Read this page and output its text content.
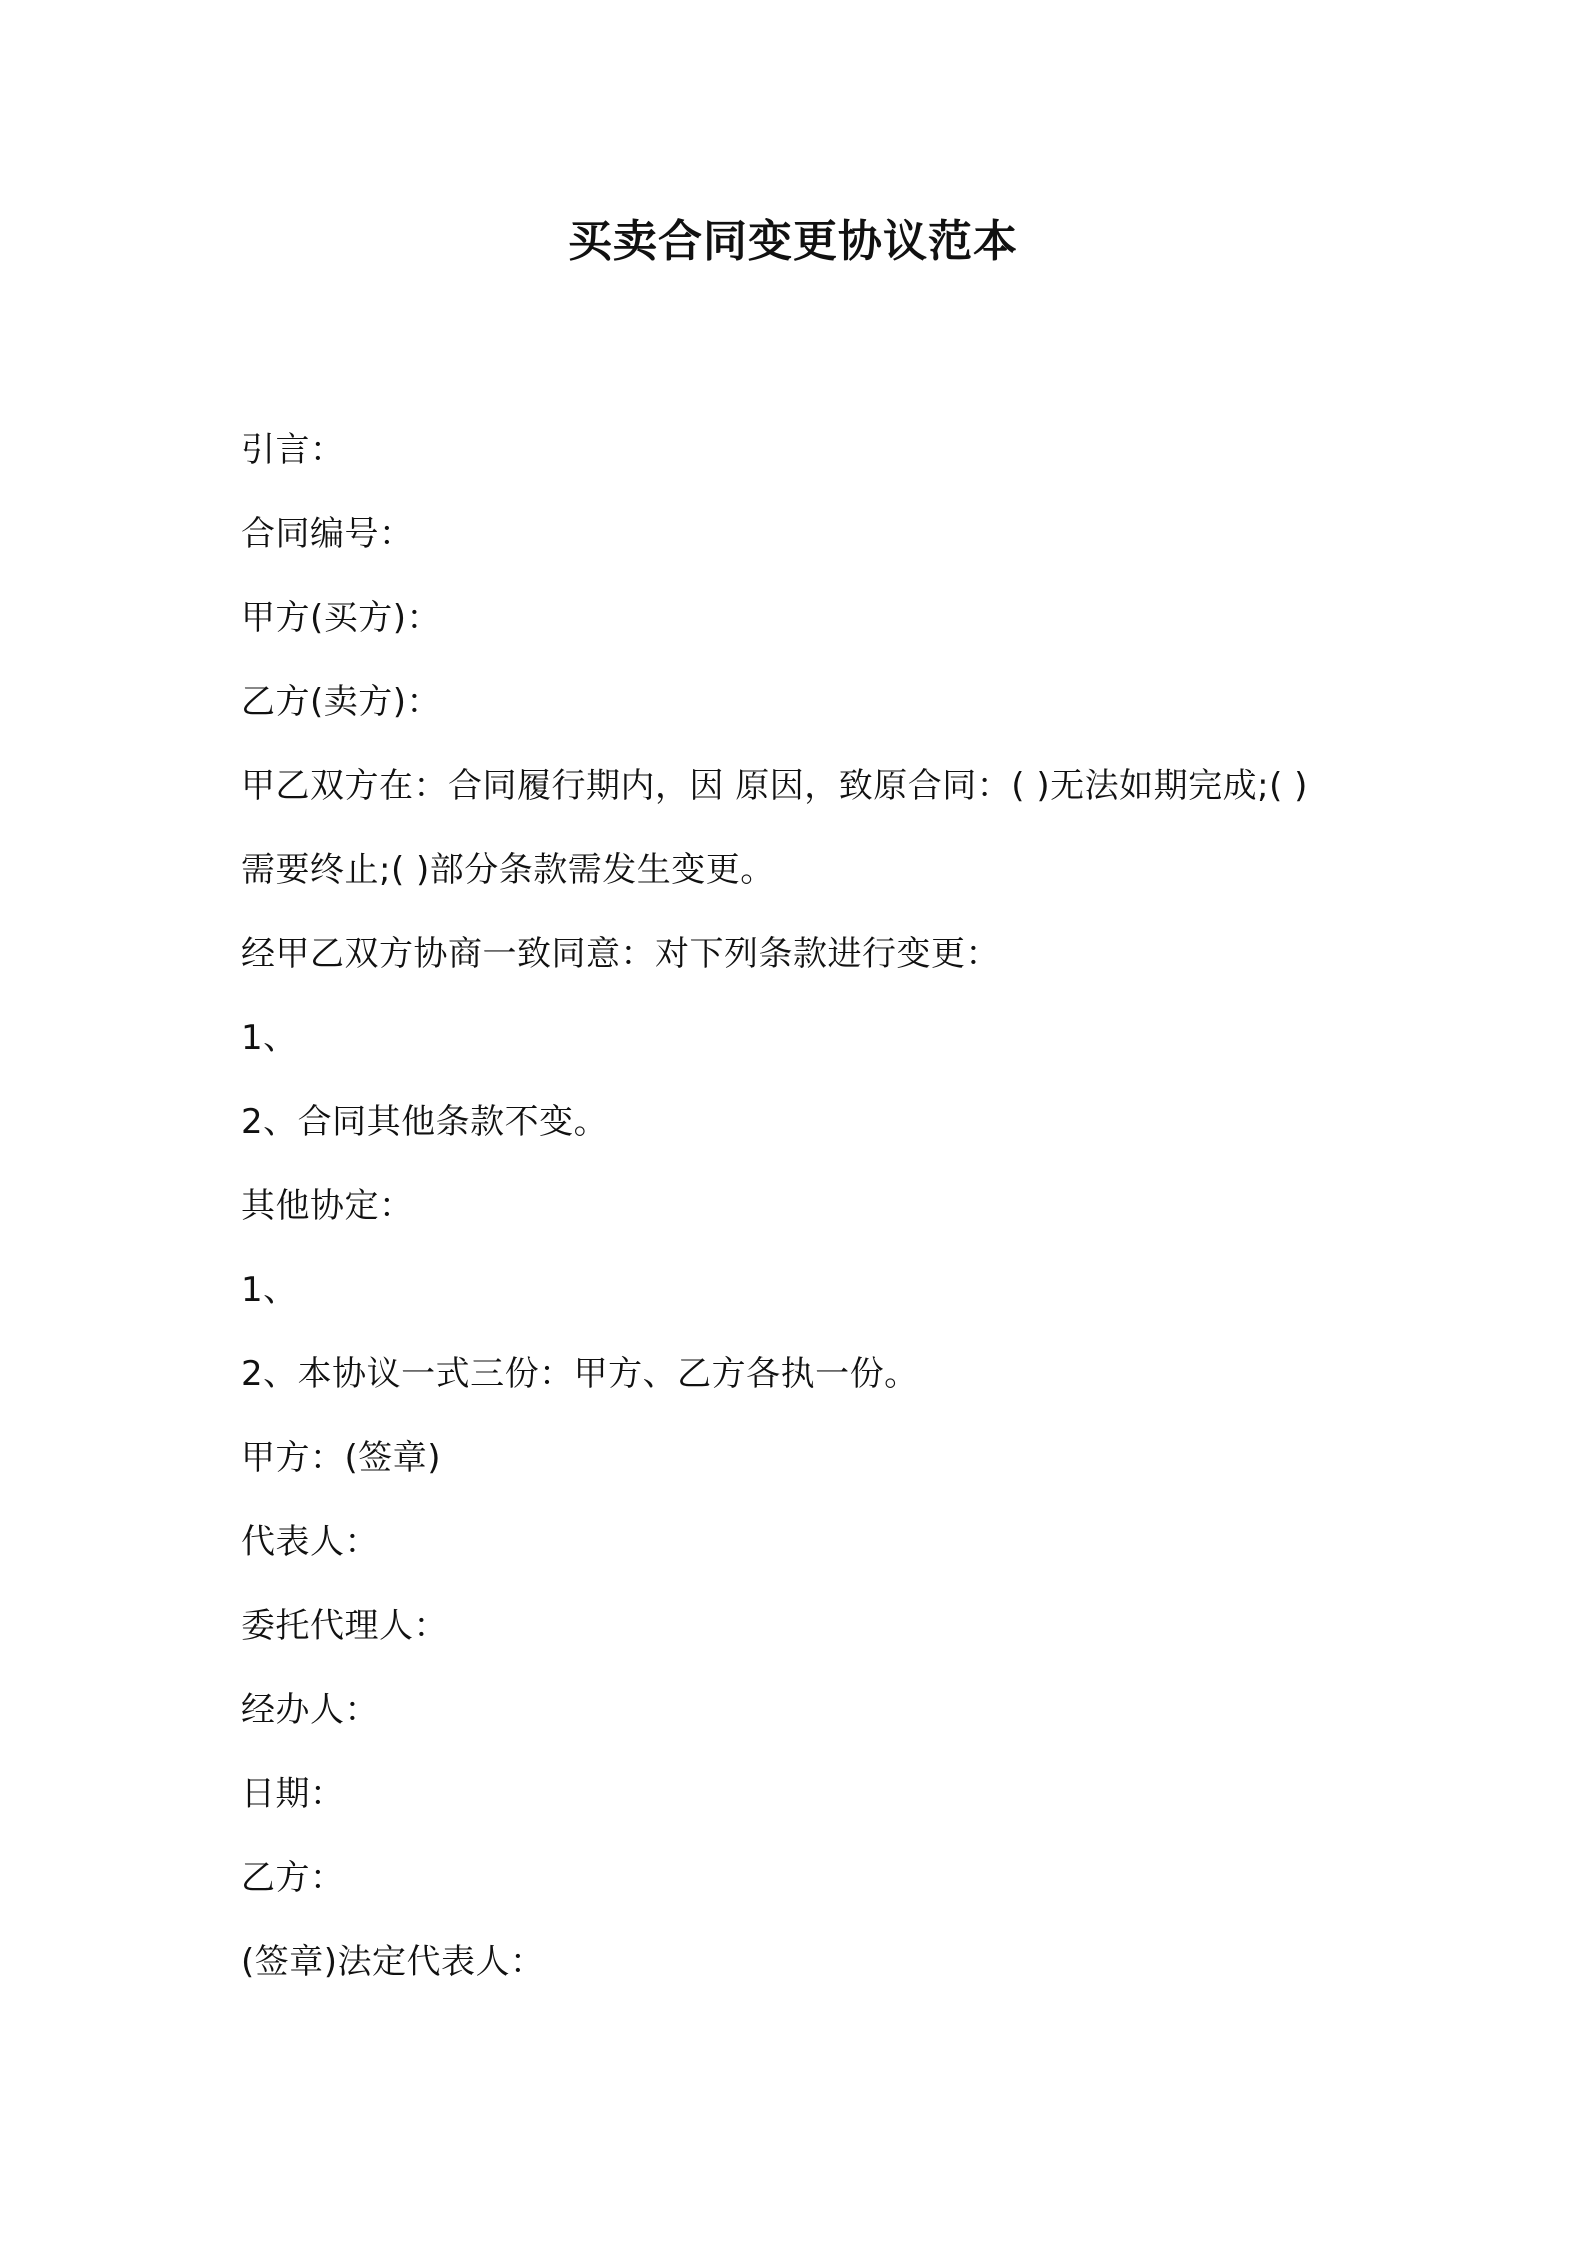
买卖合同变更协议范本
引言：
合同编号：
甲方(买方)：
乙方(卖方)：
甲乙双方在：合同履行期内，因 原因，致原合同：( )无法如期完成;( )
需要终止;( )部分条款需发生变更。
经甲乙双方协商一致同意：对下列条款进行变更：
1、
2、合同其他条款不变。
其他协定：
1、
2、本协议一式三份：甲方、乙方各执一份。
甲方：(签章)
代表人：
委托代理人：
经办人：
日期：
乙方：
(签章)法定代表人：
